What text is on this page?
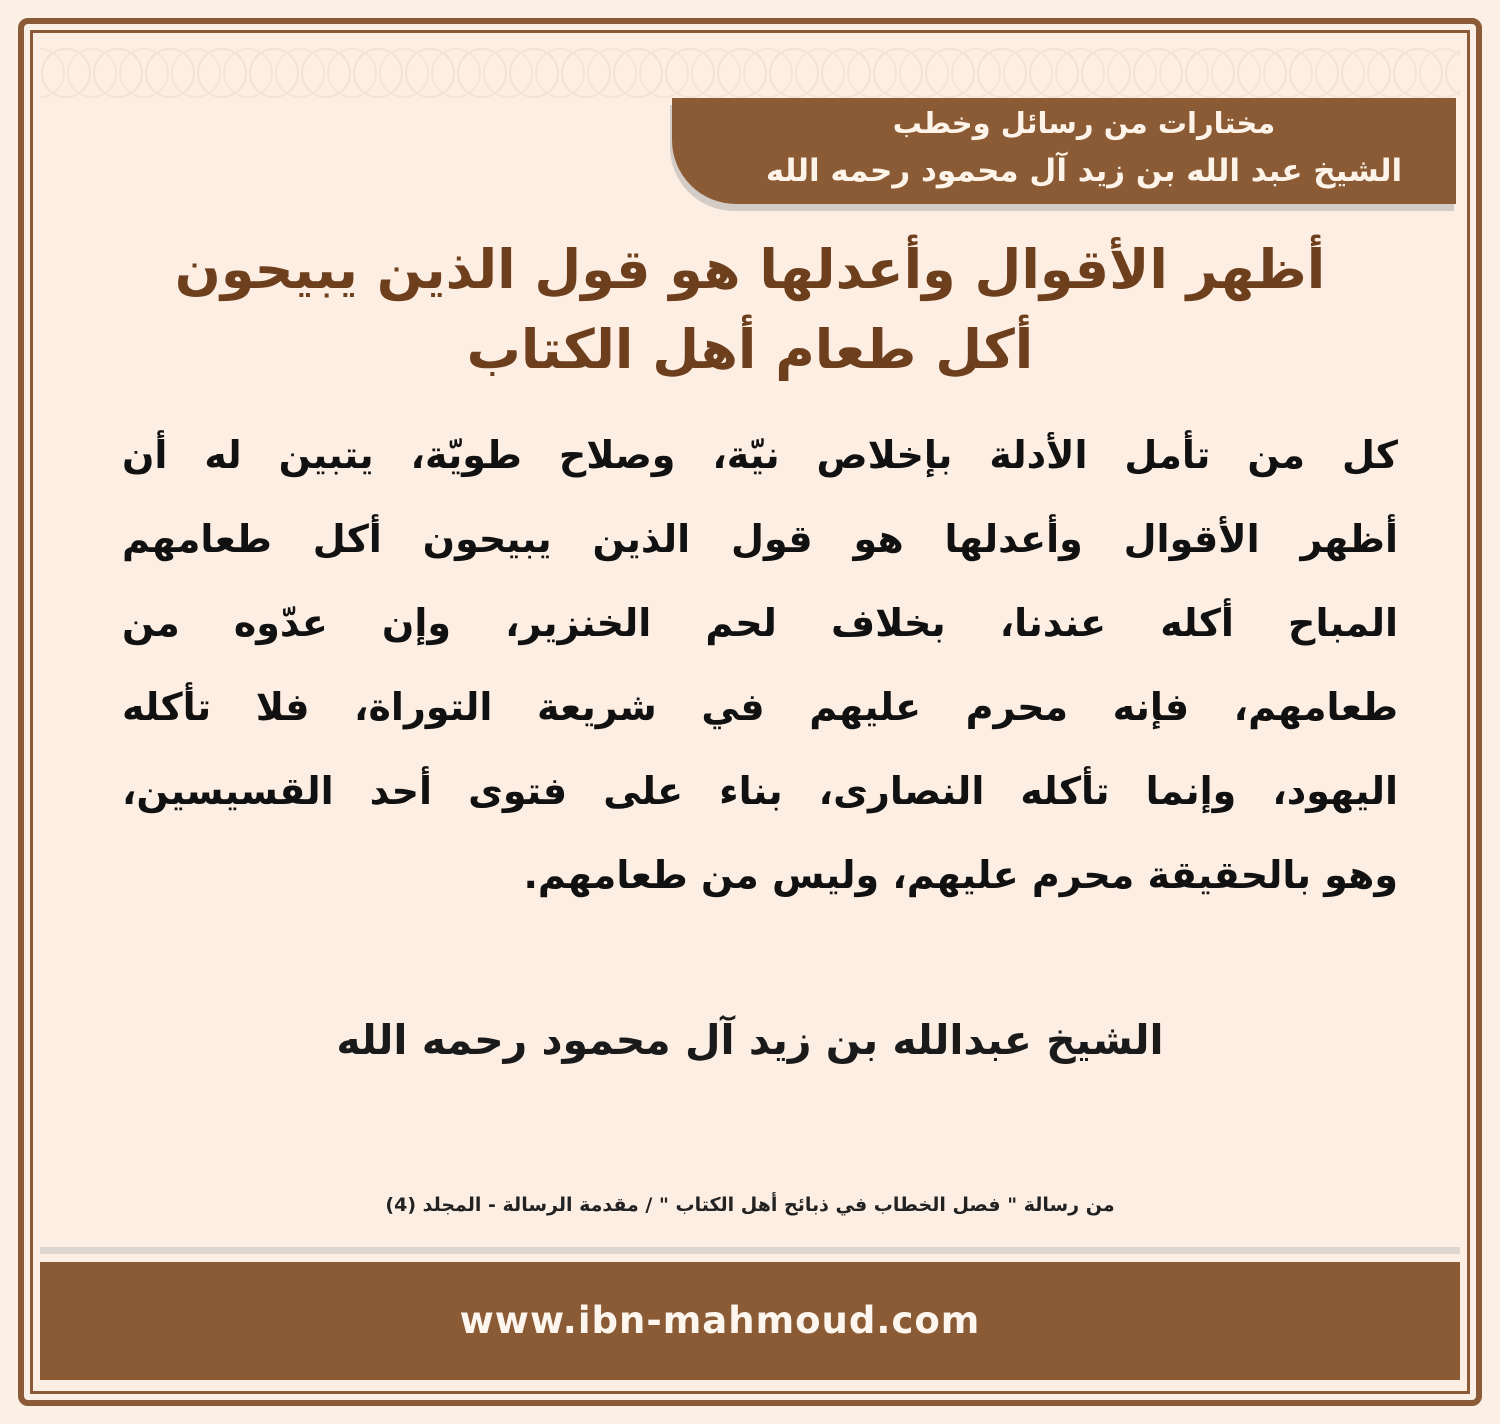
مختارات من رسائل وخطب
الشيخ عبد الله بن زيد آل محمود رحمه الله
أظهر الأقوال وأعدلها هو قول الذين يبيحون
أكل طعام أهل الكتاب
كل من تأمل الأدلة بإخلاص نيّة، وصلاح طويّة، يتبين له أن
أظهر الأقوال وأعدلها هو قول الذين يبيحون أكل طعامهم
المباح أكله عندنا، بخلاف لحم الخنزير، وإن عدّوه من
طعامهم، فإنه محرم عليهم في شريعة التوراة، فلا تأكله
اليهود، وإنما تأكله النصارى، بناء على فتوى أحد القسيسين،
وهو بالحقيقة محرم عليهم، وليس من طعامهم.
الشيخ عبدالله بن زيد آل محمود رحمه الله
من رسالة " فصل الخطاب في ذبائح أهل الكتاب " / مقدمة الرسالة - المجلد (4)
www.ibn-mahmoud.com
